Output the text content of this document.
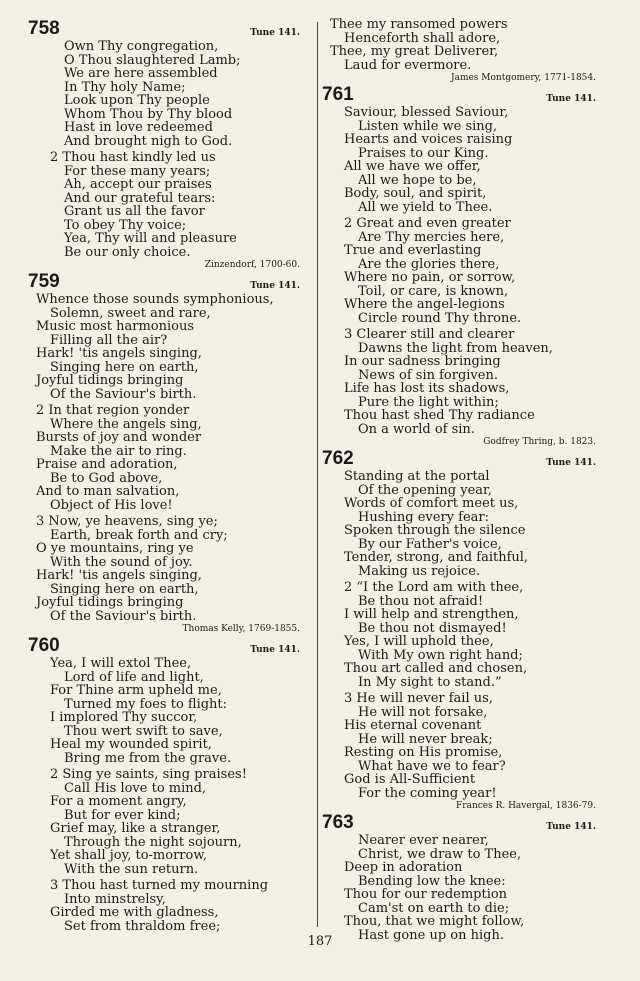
758	Tune 141.
Own Thy congregation,
O Thou slaughtered Lamb;
We are here assembled
In Thy holy Name;
Look upon Thy people
Whom Thou by Thy blood
Hast in love redeemed
And brought nigh to God.
2 Thou hast kindly led us
For these many years;
Ah, accept our praises
And our grateful tears:
Grant us all the favor
To obey Thy voice;
Yea, Thy will and pleasure
Be our only choice.
Zinzendorf, 1700-60.
759	Tune 141.
Whence those sounds symphonious,
Solemn, sweet and rare,
Music most harmonious
Filling all the air?
Hark! 'tis angels singing,
Singing here on earth,
Joyful tidings bringing
Of the Saviour's birth.
2 In that region yonder
Where the angels sing,
Bursts of joy and wonder
Make the air to ring.
Praise and adoration,
Be to God above,
And to man salvation,
Object of His love!
3 Now, ye heavens, sing ye;
Earth, break forth and cry;
O ye mountains, ring ye
With the sound of joy.
Hark! 'tis angels singing,
Singing here on earth,
Joyful tidings bringing
Of the Saviour's birth.
Thomas Kelly, 1769-1855.
760	Tune 141.
Yea, I will extol Thee,
Lord of life and light,
For Thine arm upheld me,
Turned my foes to flight:
I implored Thy succor,
Thou wert swift to save,
Heal my wounded spirit,
Bring me from the grave.
2 Sing ye saints, sing praises!
Call His love to mind,
For a moment angry,
But for ever kind;
Grief may, like a stranger,
Through the night sojourn,
Yet shall joy, to-morrow,
With the sun return.
3 Thou hast turned my mourning
Into minstrelsy,
Girded me with gladness,
Set from thraldom free;
Thee my ransomed powers
Henceforth shall adore,
Thee, my great Deliverer,
Laud for evermore.
James Montgomery, 1771-1854.
761	Tune 141.
Saviour, blessed Saviour,
Listen while we sing,
Hearts and voices raising
Praises to our King.
All we have we offer,
All we hope to be,
Body, soul, and spirit,
All we yield to Thee.
2 Great and even greater
Are Thy mercies here,
True and everlasting
Are the glories there,
Where no pain, or sorrow,
Toil, or care, is known,
Where the angel-legions
Circle round Thy throne.
3 Clearer still and clearer
Dawns the light from heaven,
In our sadness bringing
News of sin forgiven.
Life has lost its shadows,
Pure the light within;
Thou hast shed Thy radiance
On a world of sin.
Godfrey Thring, b. 1823.
762	Tune 141.
Standing at the portal
Of the opening year,
Words of comfort meet us,
Hushing every fear:
Spoken through the silence
By our Father's voice,
Tender, strong, and faithful,
Making us rejoice.
2 “I the Lord am with thee,
Be thou not afraid!
I will help and strengthen,
Be thou not dismayed!
Yes, I will uphold thee,
With My own right hand;
Thou art called and chosen,
In My sight to stand.”
3 He will never fail us,
He will not forsake,
His eternal covenant
He will never break;
Resting on His promise,
What have we to fear?
God is All-Sufficient
For the coming year!
Frances R. Havergal, 1836-79.
763	Tune 141.
Nearer ever nearer,
Christ, we draw to Thee,
Deep in adoration
Bending low the knee:
Thou for our redemption
Cam'st on earth to die;
Thou, that we might follow,
Hast gone up on high.
187
